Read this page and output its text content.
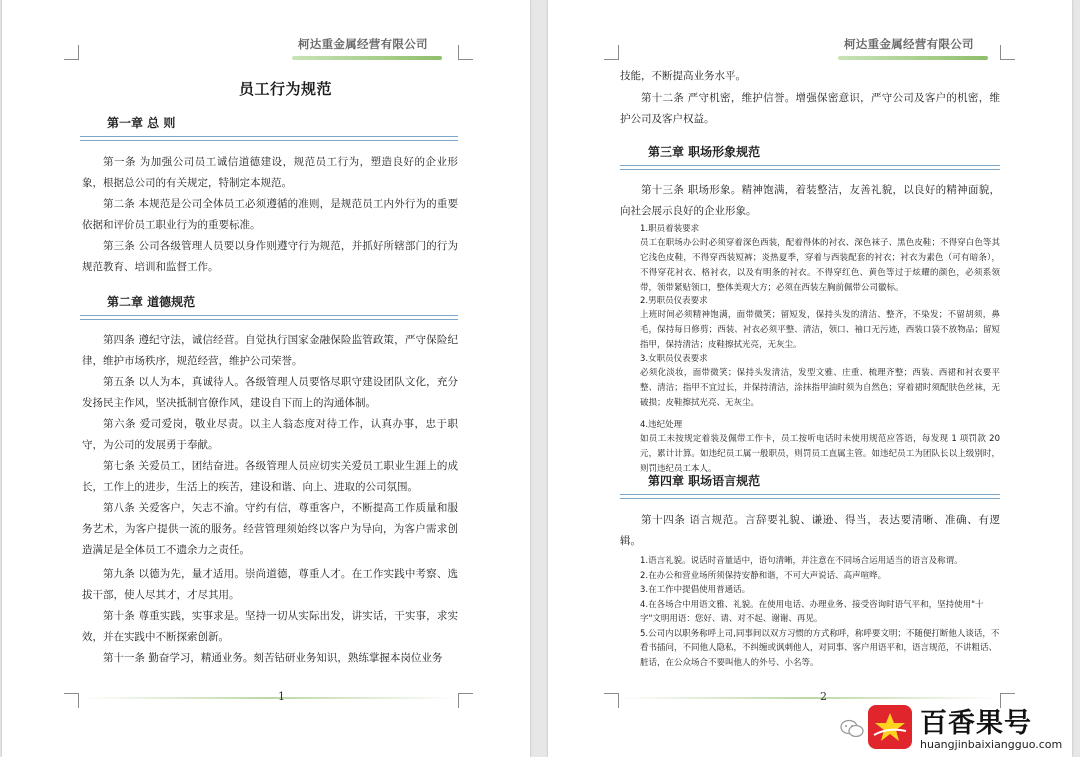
柯达重金属经营有限公司
员工行为规范
第一章 总 则
第一条 为加强公司员工诚信道德建设，规范员工行为，塑造良好的企业形象，根据总公司的有关规定，特制定本规范。
第二条 本规范是公司全体员工必须遵循的准则，是规范员工内外行为的重要依据和评价员工职业行为的重要标准。
第三条 公司各级管理人员要以身作则遵守行为规范，并抓好所辖部门的行为规范教育、培训和监督工作。
第二章 道德规范
第四条 遵纪守法，诚信经营。自觉执行国家金融保险监管政策，严守保险纪律，维护市场秩序，规范经营，维护公司荣誉。
第五条 以人为本，真诚待人。各级管理人员要恪尽职守建设团队文化，充分发扬民主作风，坚决抵制官僚作风，建设自下而上的沟通体制。
第六条 爱司爱岗，敬业尽责。以主人翁态度对待工作，认真办事，忠于职守，为公司的发展勇于奉献。
第七条 关爱员工，团结奋进。各级管理人员应切实关爱员工职业生涯上的成长，工作上的进步，生活上的疾苦，建设和谐、向上、进取的公司氛围。
第八条 关爱客户，矢志不渝。守约有信，尊重客户，不断提高工作质量和服务艺术，为客户提供一流的服务。经营管理须始终以客户为导向，为客户需求创造满足是全体员工不遗余力之责任。
第九条 以德为先，量才适用。崇尚道德，尊重人才。在工作实践中考察、选拔干部，使人尽其才，才尽其用。
第十条 尊重实践，实事求是。坚持一切从实际出发，讲实话，干实事，求实效，并在实践中不断探索创新。
第十一条 勤奋学习，精通业务。刻苦钻研业务知识，熟练掌握本岗位业务
1
柯达重金属经营有限公司
技能，不断提高业务水平。
第十二条 严守机密，维护信誉。增强保密意识，严守公司及客户的机密，维护公司及客户权益。
第三章 职场形象规范
第十三条 职场形象。精神饱满，着装整洁，友善礼貌，以良好的精神面貌，向社会展示良好的企业形象。
1.职员着装要求
员工在职场办公时必须穿着深色西装，配着得体的衬衣、深色袜子、黑色皮鞋；不得穿白色等其它浅色皮鞋，不得穿西装短裤；炎热夏季，穿着与西装配套的衬衣；衬衣为素色（可有暗条），不得穿花衬衣、格衬衣，以及有明条的衬衣。不得穿红色、黄色等过于炫耀的颜色，必须系领带，领带紧贴领口，整体美观大方；必须在西装左胸前佩带公司徽标。
2.男职员仪表要求
上班时间必须精神饱满，面带微笑；留短发，保持头发的清洁、整齐，不染发；不留胡须，鼻毛，保持每日修剪；西装、衬衣必须平整、清洁，领口、袖口无污迹，西装口袋不放物品；留短指甲，保持清洁；皮鞋擦拭光亮，无灰尘。
3.女职员仪表要求
必须化淡妆，面带微笑；保持头发清洁，发型文雅、庄重、梳理齐整；西装、西裙和衬衣要平整、清洁；指甲不宜过长，并保持清洁，涂抹指甲油时须为自然色；穿着裙时须配肤色丝袜，无破损；皮鞋擦拭光亮、无灰尘。
4.违纪处理
如员工未按规定着装及佩带工作卡，员工按听电话时未使用规范应答语，每发现 1 项罚款 20 元，累计计算。如违纪员工属一般职员，则罚员工直属主管。如违纪员工为团队长以上级别时，则罚违纪员工本人。
第四章 职场语言规范
第十四条 语言规范。言辞要礼貌、谦逊、得当，表达要清晰、准确、有逻辑。
1.语言礼貌。说话时音量适中，语句清晰，并注意在不同场合运用适当的语言及称谓。
2.在办公和营业场所须保持安静和谐，不可大声说话、高声喧哗。
3.在工作中提倡使用普通话。
4.在各场合中用语文雅、礼貌。在使用电话、办理业务、接受咨询时语气平和，坚持使用"十字"文明用语：您好、请、对不起、谢谢、再见。
5.公司内以职务称呼上司,同事间以双方习惯的方式称呼，称呼要文明；不随便打断他人谈话，不看书插问，不同他人隐私，不纠缠或讽刺他人，对同事、客户用语平和，语言规范，不讲粗话、脏话，在公众场合不要叫他人的外号、小名等。
2
百香果号
huangjinbaixiangguo.com
